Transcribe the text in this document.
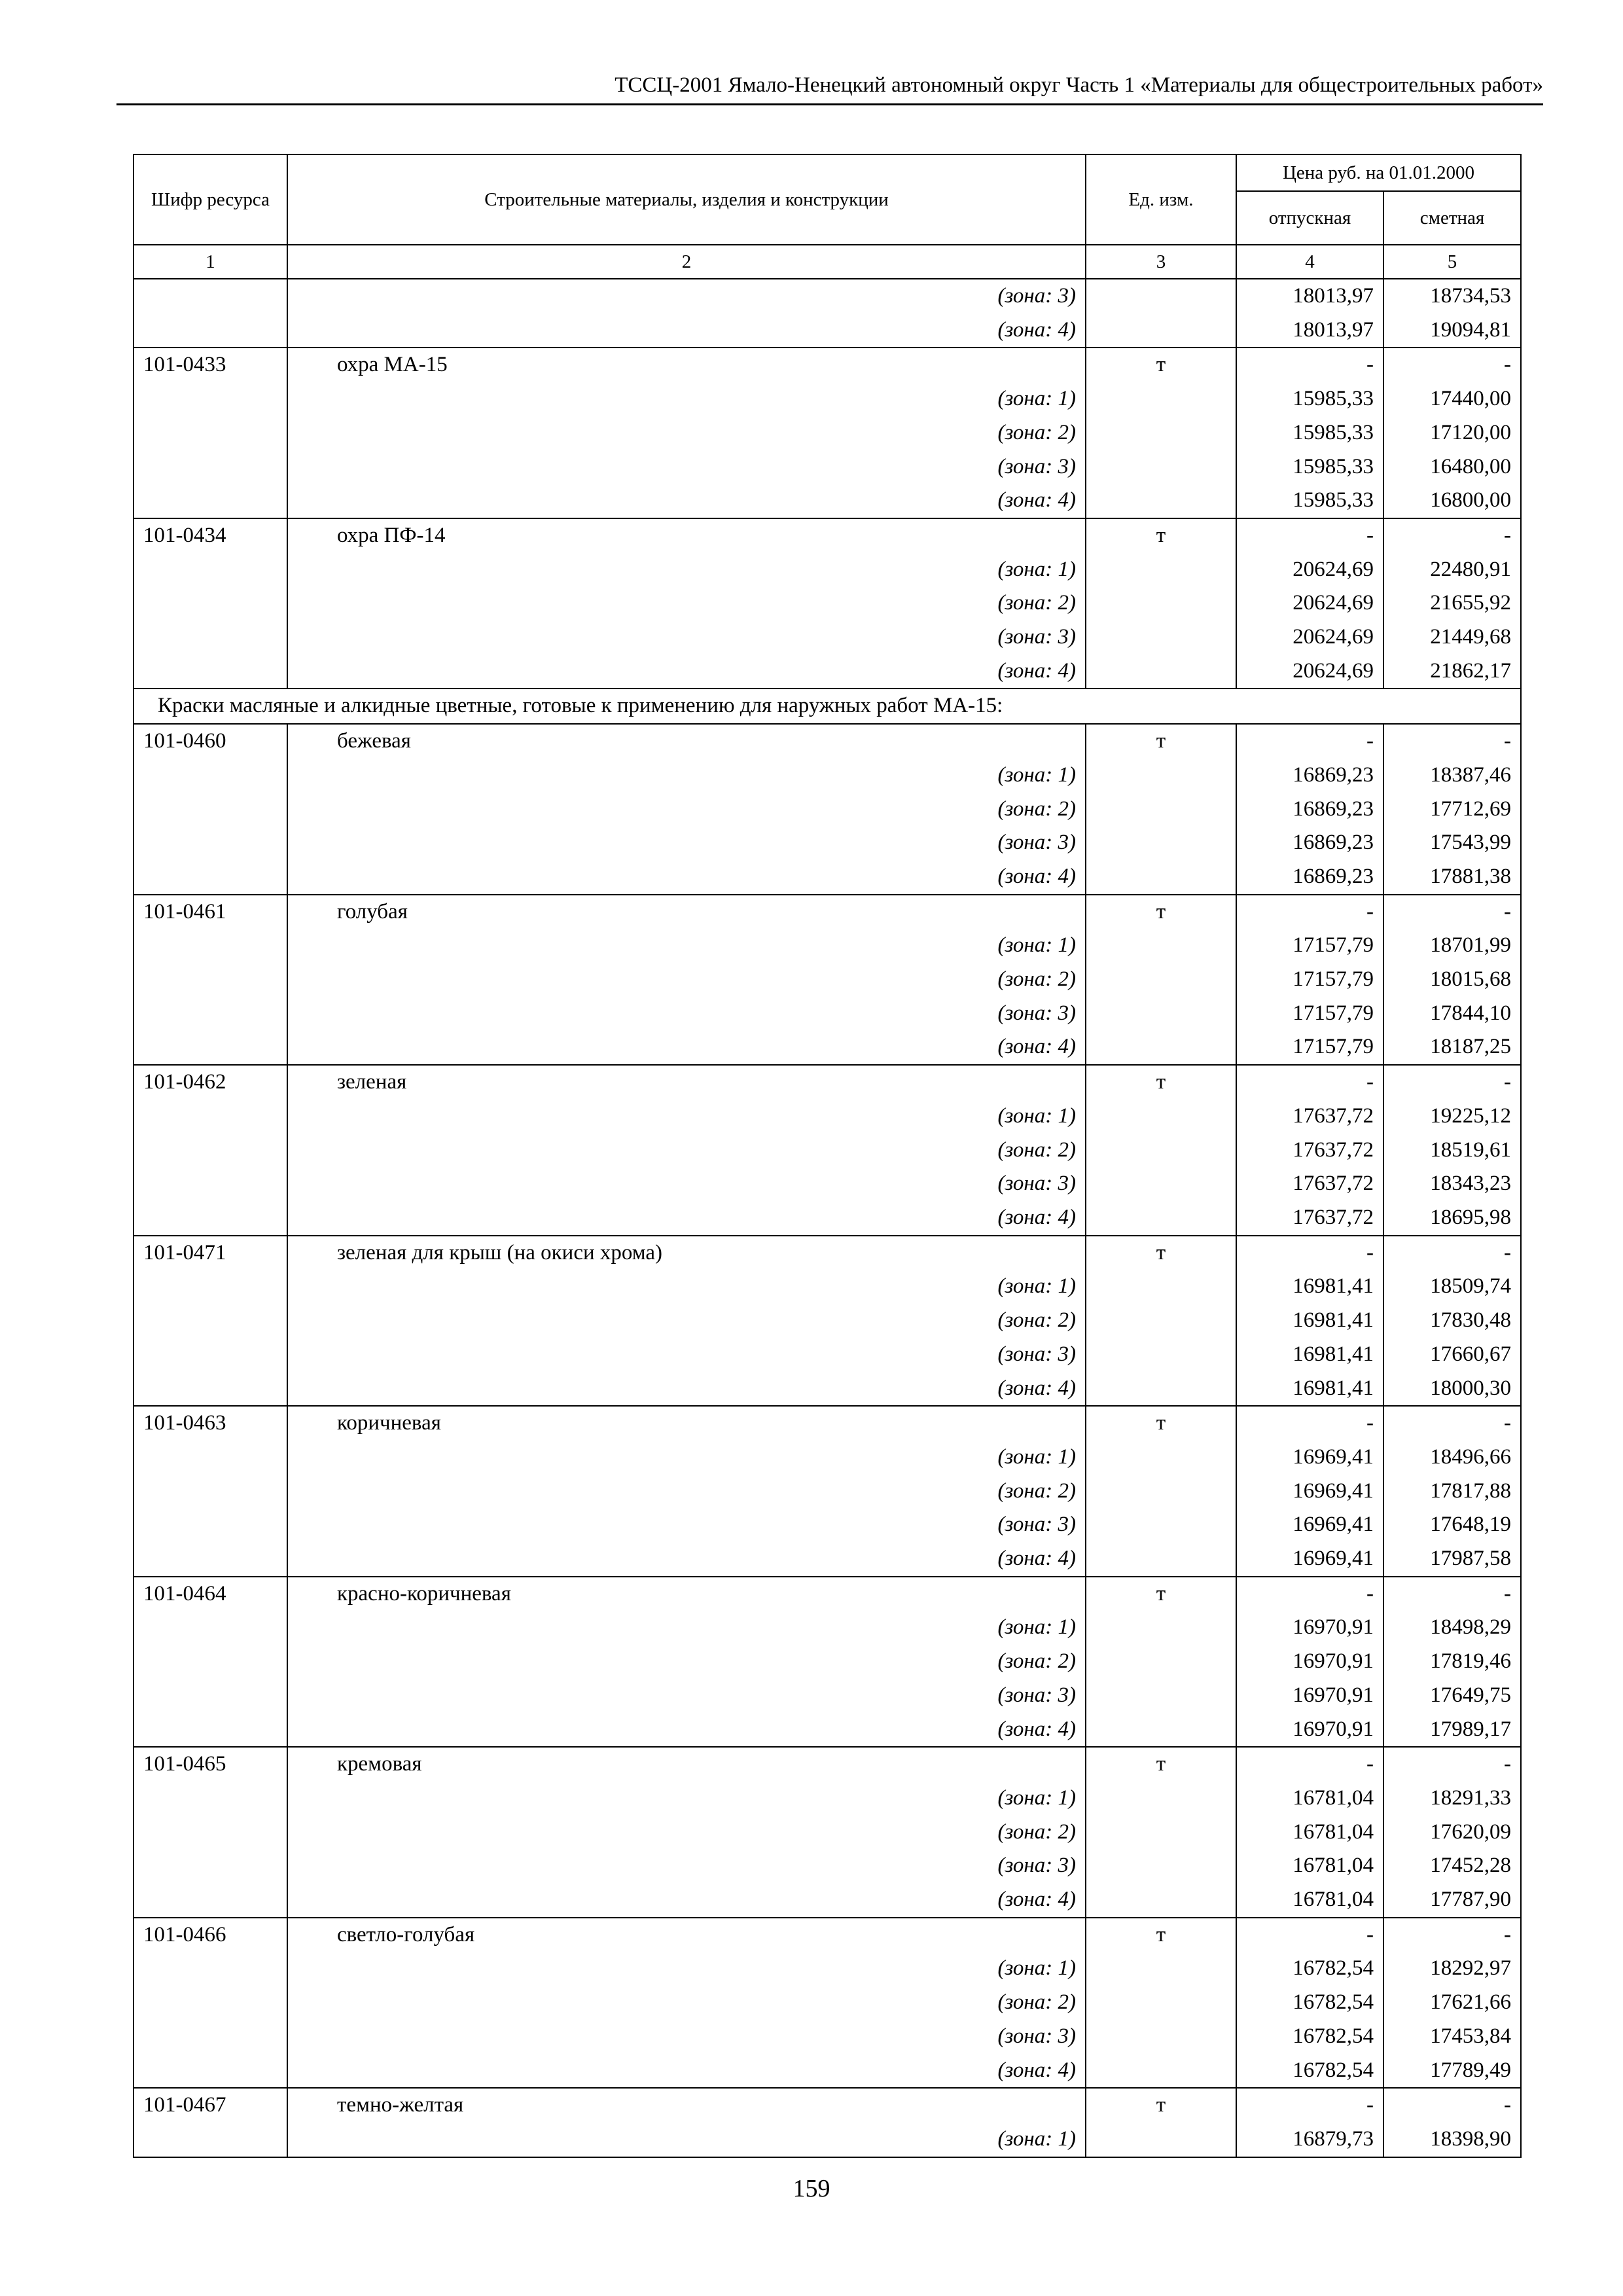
ТССЦ-2001 Ямало-Ненецкий автономный округ Часть 1 «Материалы для общестроительных работ»
Шифр ресурса	Строительные материалы, изделия и конструкции	Ед. изм.	Цена руб. на 01.01.2000	
			отпускная	сметная
1	2	3	4	5
	(зона: 3)		18013,97	18734,53
	(зона: 4)		18013,97	19094,81
101-0433	охра МА-15	т	-	-
	(зона: 1)		15985,33	17440,00
	(зона: 2)		15985,33	17120,00
	(зона: 3)		15985,33	16480,00
	(зона: 4)		15985,33	16800,00
101-0434	охра ПФ-14	т	-	-
	(зона: 1)		20624,69	22480,91
	(зона: 2)		20624,69	21655,92
	(зона: 3)		20624,69	21449,68
	(зона: 4)		20624,69	21862,17
Краски масляные и алкидные цветные, готовые к применению для наружных работ МА-15:				
101-0460	бежевая	т	-	-
	(зона: 1)		16869,23	18387,46
	(зона: 2)		16869,23	17712,69
	(зона: 3)		16869,23	17543,99
	(зона: 4)		16869,23	17881,38
101-0461	голубая	т	-	-
	(зона: 1)		17157,79	18701,99
	(зона: 2)		17157,79	18015,68
	(зона: 3)		17157,79	17844,10
	(зона: 4)		17157,79	18187,25
101-0462	зеленая	т	-	-
	(зона: 1)		17637,72	19225,12
	(зона: 2)		17637,72	18519,61
	(зона: 3)		17637,72	18343,23
	(зона: 4)		17637,72	18695,98
101-0471	зеленая для крыш (на окиси хрома)	т	-	-
	(зона: 1)		16981,41	18509,74
	(зона: 2)		16981,41	17830,48
	(зона: 3)		16981,41	17660,67
	(зона: 4)		16981,41	18000,30
101-0463	коричневая	т	-	-
	(зона: 1)		16969,41	18496,66
	(зона: 2)		16969,41	17817,88
	(зона: 3)		16969,41	17648,19
	(зона: 4)		16969,41	17987,58
101-0464	красно-коричневая	т	-	-
	(зона: 1)		16970,91	18498,29
	(зона: 2)		16970,91	17819,46
	(зона: 3)		16970,91	17649,75
	(зона: 4)		16970,91	17989,17
101-0465	кремовая	т	-	-
	(зона: 1)		16781,04	18291,33
	(зона: 2)		16781,04	17620,09
	(зона: 3)		16781,04	17452,28
	(зона: 4)		16781,04	17787,90
101-0466	светло-голубая	т	-	-
	(зона: 1)		16782,54	18292,97
	(зона: 2)		16782,54	17621,66
	(зона: 3)		16782,54	17453,84
	(зона: 4)		16782,54	17789,49
101-0467	темно-желтая	т	-	-
	(зона: 1)		16879,73	18398,90
159
